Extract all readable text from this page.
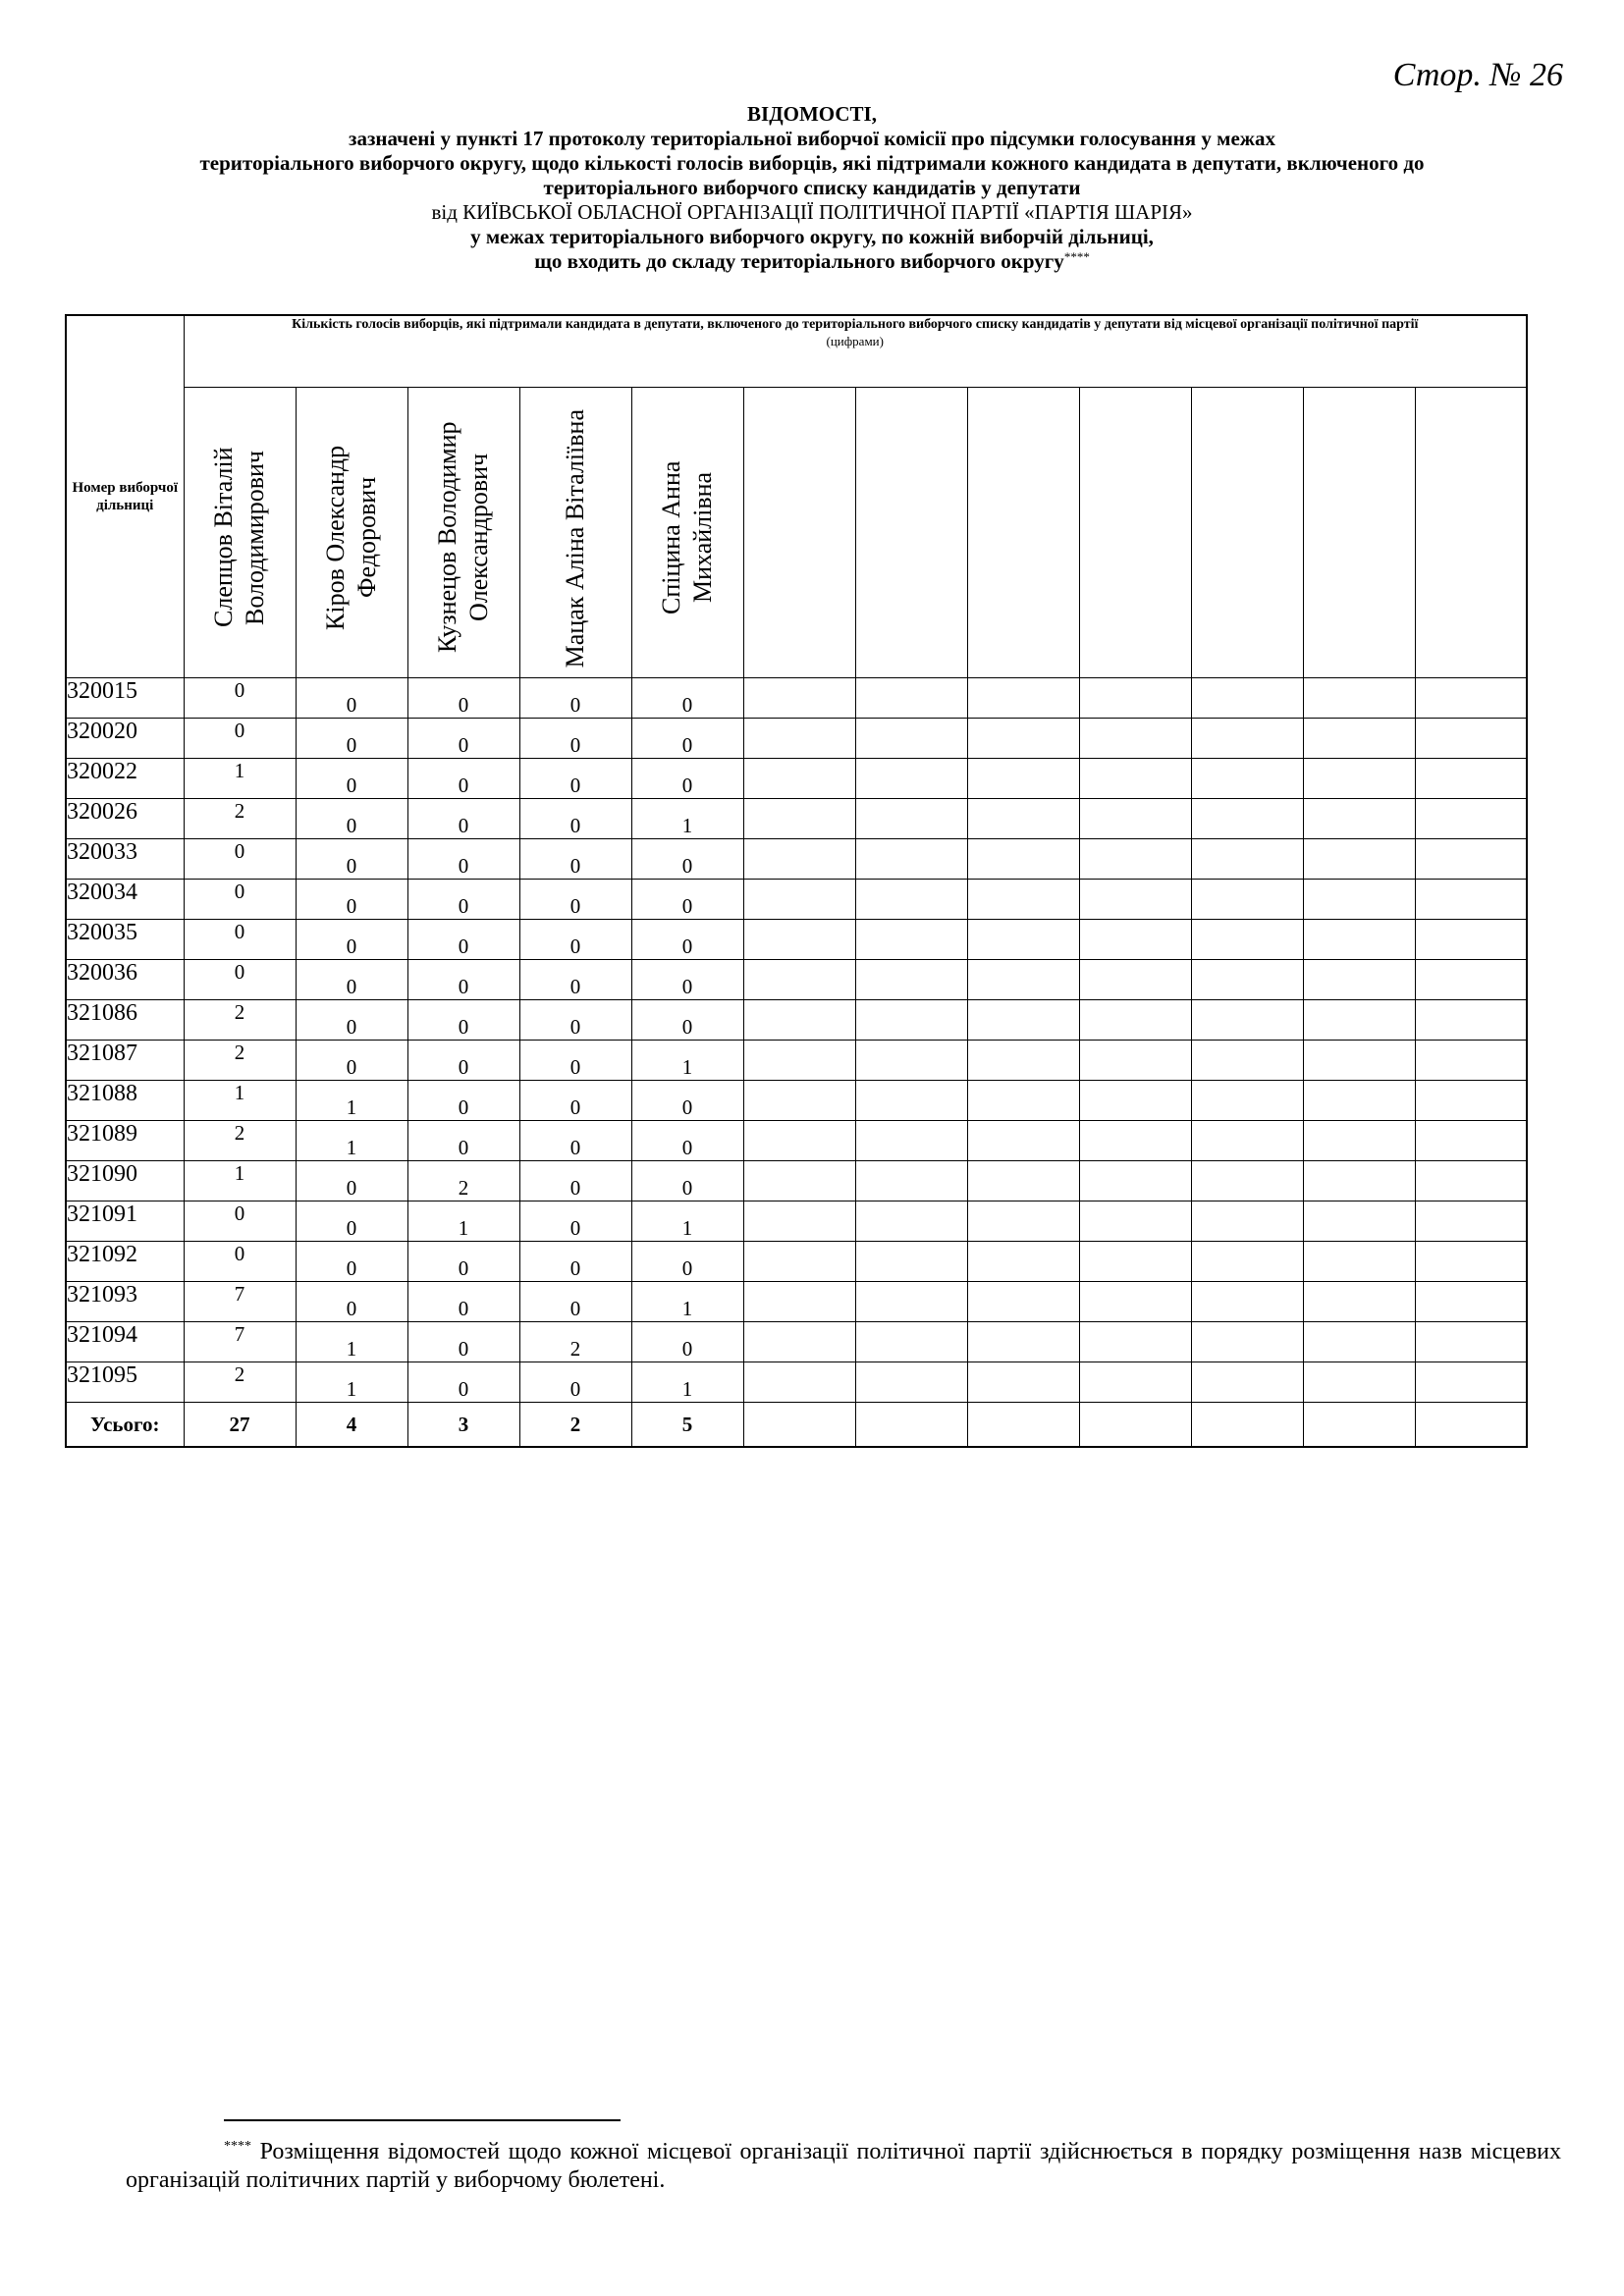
Стор. № 26
ВІДОМОСТІ,
зазначені у пункті 17 протоколу територіальної виборчої комісії про підсумки голосування у межах
територіального виборчого округу, щодо кількості голосів виборців, які підтримали кожного кандидата в депутати, включеного до
територіального виборчого списку кандидатів у депутати
від КИЇВСЬКОЇ ОБЛАСНОЇ ОРГАНІЗАЦІЇ ПОЛІТИЧНОЇ ПАРТІЇ «ПАРТІЯ ШАРІЯ»
у межах територіального виборчого округу, по кожній виборчій дільниці,
що входить до складу територіального виборчого округу****
Номер виборчої дільниці	Кількість голосів виборців, які підтримали кандидата в депутати, включеного до територіального виборчого списку кандидатів у депутати від місцевої організації політичної партії
(цифрами)											

	Слепцов Віталій Володимирович	Кіров Олександр Федорович	Кузнецов Володимир Олександрович	Мацак Аліна Віталіївна	Спіцина Анна Михайлівна							

320015	0	0	0	0	0							
320020	0	0	0	0	0							
320022	1	0	0	0	0							
320026	2	0	0	0	1							
320033	0	0	0	0	0							
320034	0	0	0	0	0							
320035	0	0	0	0	0							
320036	0	0	0	0	0							
321086	2	0	0	0	0							
321087	2	0	0	0	1							
321088	1	1	0	0	0							
321089	2	1	0	0	0							
321090	1	0	2	0	0							
321091	0	0	1	0	1							
321092	0	0	0	0	0							
321093	7	0	0	0	1							
321094	7	1	0	2	0							
321095	2	1	0	0	1							
Усього:	27	4	3	2	5							
**** Розміщення відомостей щодо кожної місцевої організації політичної партії здійснюється в порядку розміщення назв місцевих організацій політичних партій у виборчому бюлетені.
